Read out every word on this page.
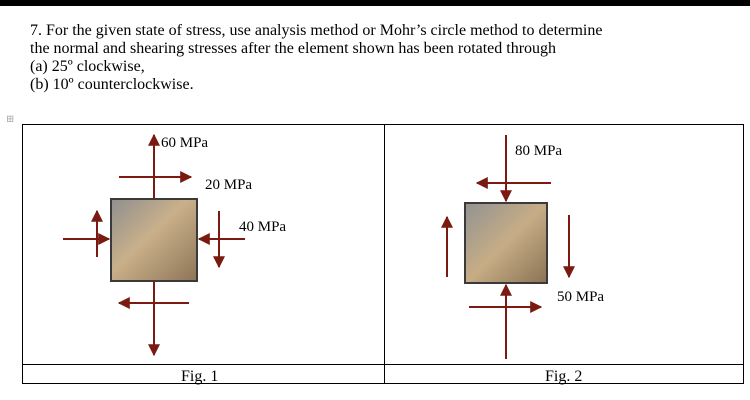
7. For the given state of stress, use analysis method or Mohr’s circle method to determine

the normal and shearing stresses after the element shown has been rotated through

(a) 25º clockwise,

(b) 10º counterclockwise.

⊞
60 MPa
20 MPa
40 MPa
80 MPa
50 MPa
Fig. 1	Fig. 2
